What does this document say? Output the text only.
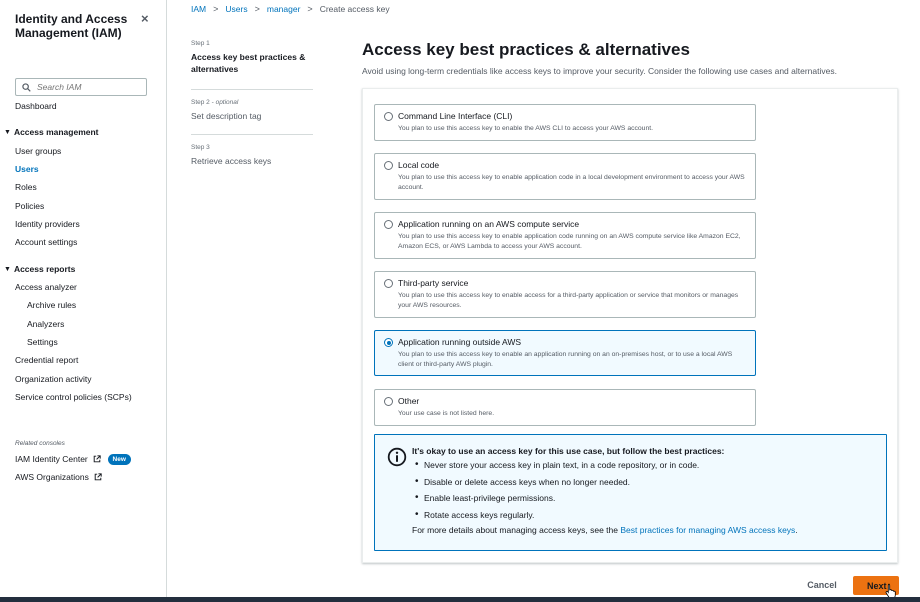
Identity and Access Management (IAM)
×
Search IAM
Dashboard
▼ Access management
User groups
Users
Roles
Policies
Identity providers
Account settings
▼ Access reports
Access analyzer
Archive rules
Analyzers
Settings
Credential report
Organization activity
Service control policies (SCPs)
Related consoles
IAM Identity Center	New
AWS Organizations
IAM > Users > manager > Create access key
Step 1
Access key best practices & alternatives
Step 2 - optional
Set description tag
Step 3
Retrieve access keys
Access key best practices & alternatives
Avoid using long-term credentials like access keys to improve your security. Consider the following use cases and alternatives.
Command Line Interface (CLI)
You plan to use this access key to enable the AWS CLI to access your AWS account.
Local code
You plan to use this access key to enable application code in a local development environment to access your AWS account.
Application running on an AWS compute service
You plan to use this access key to enable application code running on an AWS compute service like Amazon EC2, Amazon ECS, or AWS Lambda to access your AWS account.
Third-party service
You plan to use this access key to enable access for a third-party application or service that monitors or manages your AWS resources.
Application running outside AWS
You plan to use this access key to enable an application running on an on-premises host, or to use a local AWS client or third-party AWS plugin.
Other
Your use case is not listed here.
It's okay to use an access key for this use case, but follow the best practices:
• Never store your access key in plain text, in a code repository, or in code.
• Disable or delete access keys when no longer needed.
• Enable least-privilege permissions.
• Rotate access keys regularly.
For more details about managing access keys, see the Best practices for managing AWS access keys.
Cancel	Next
